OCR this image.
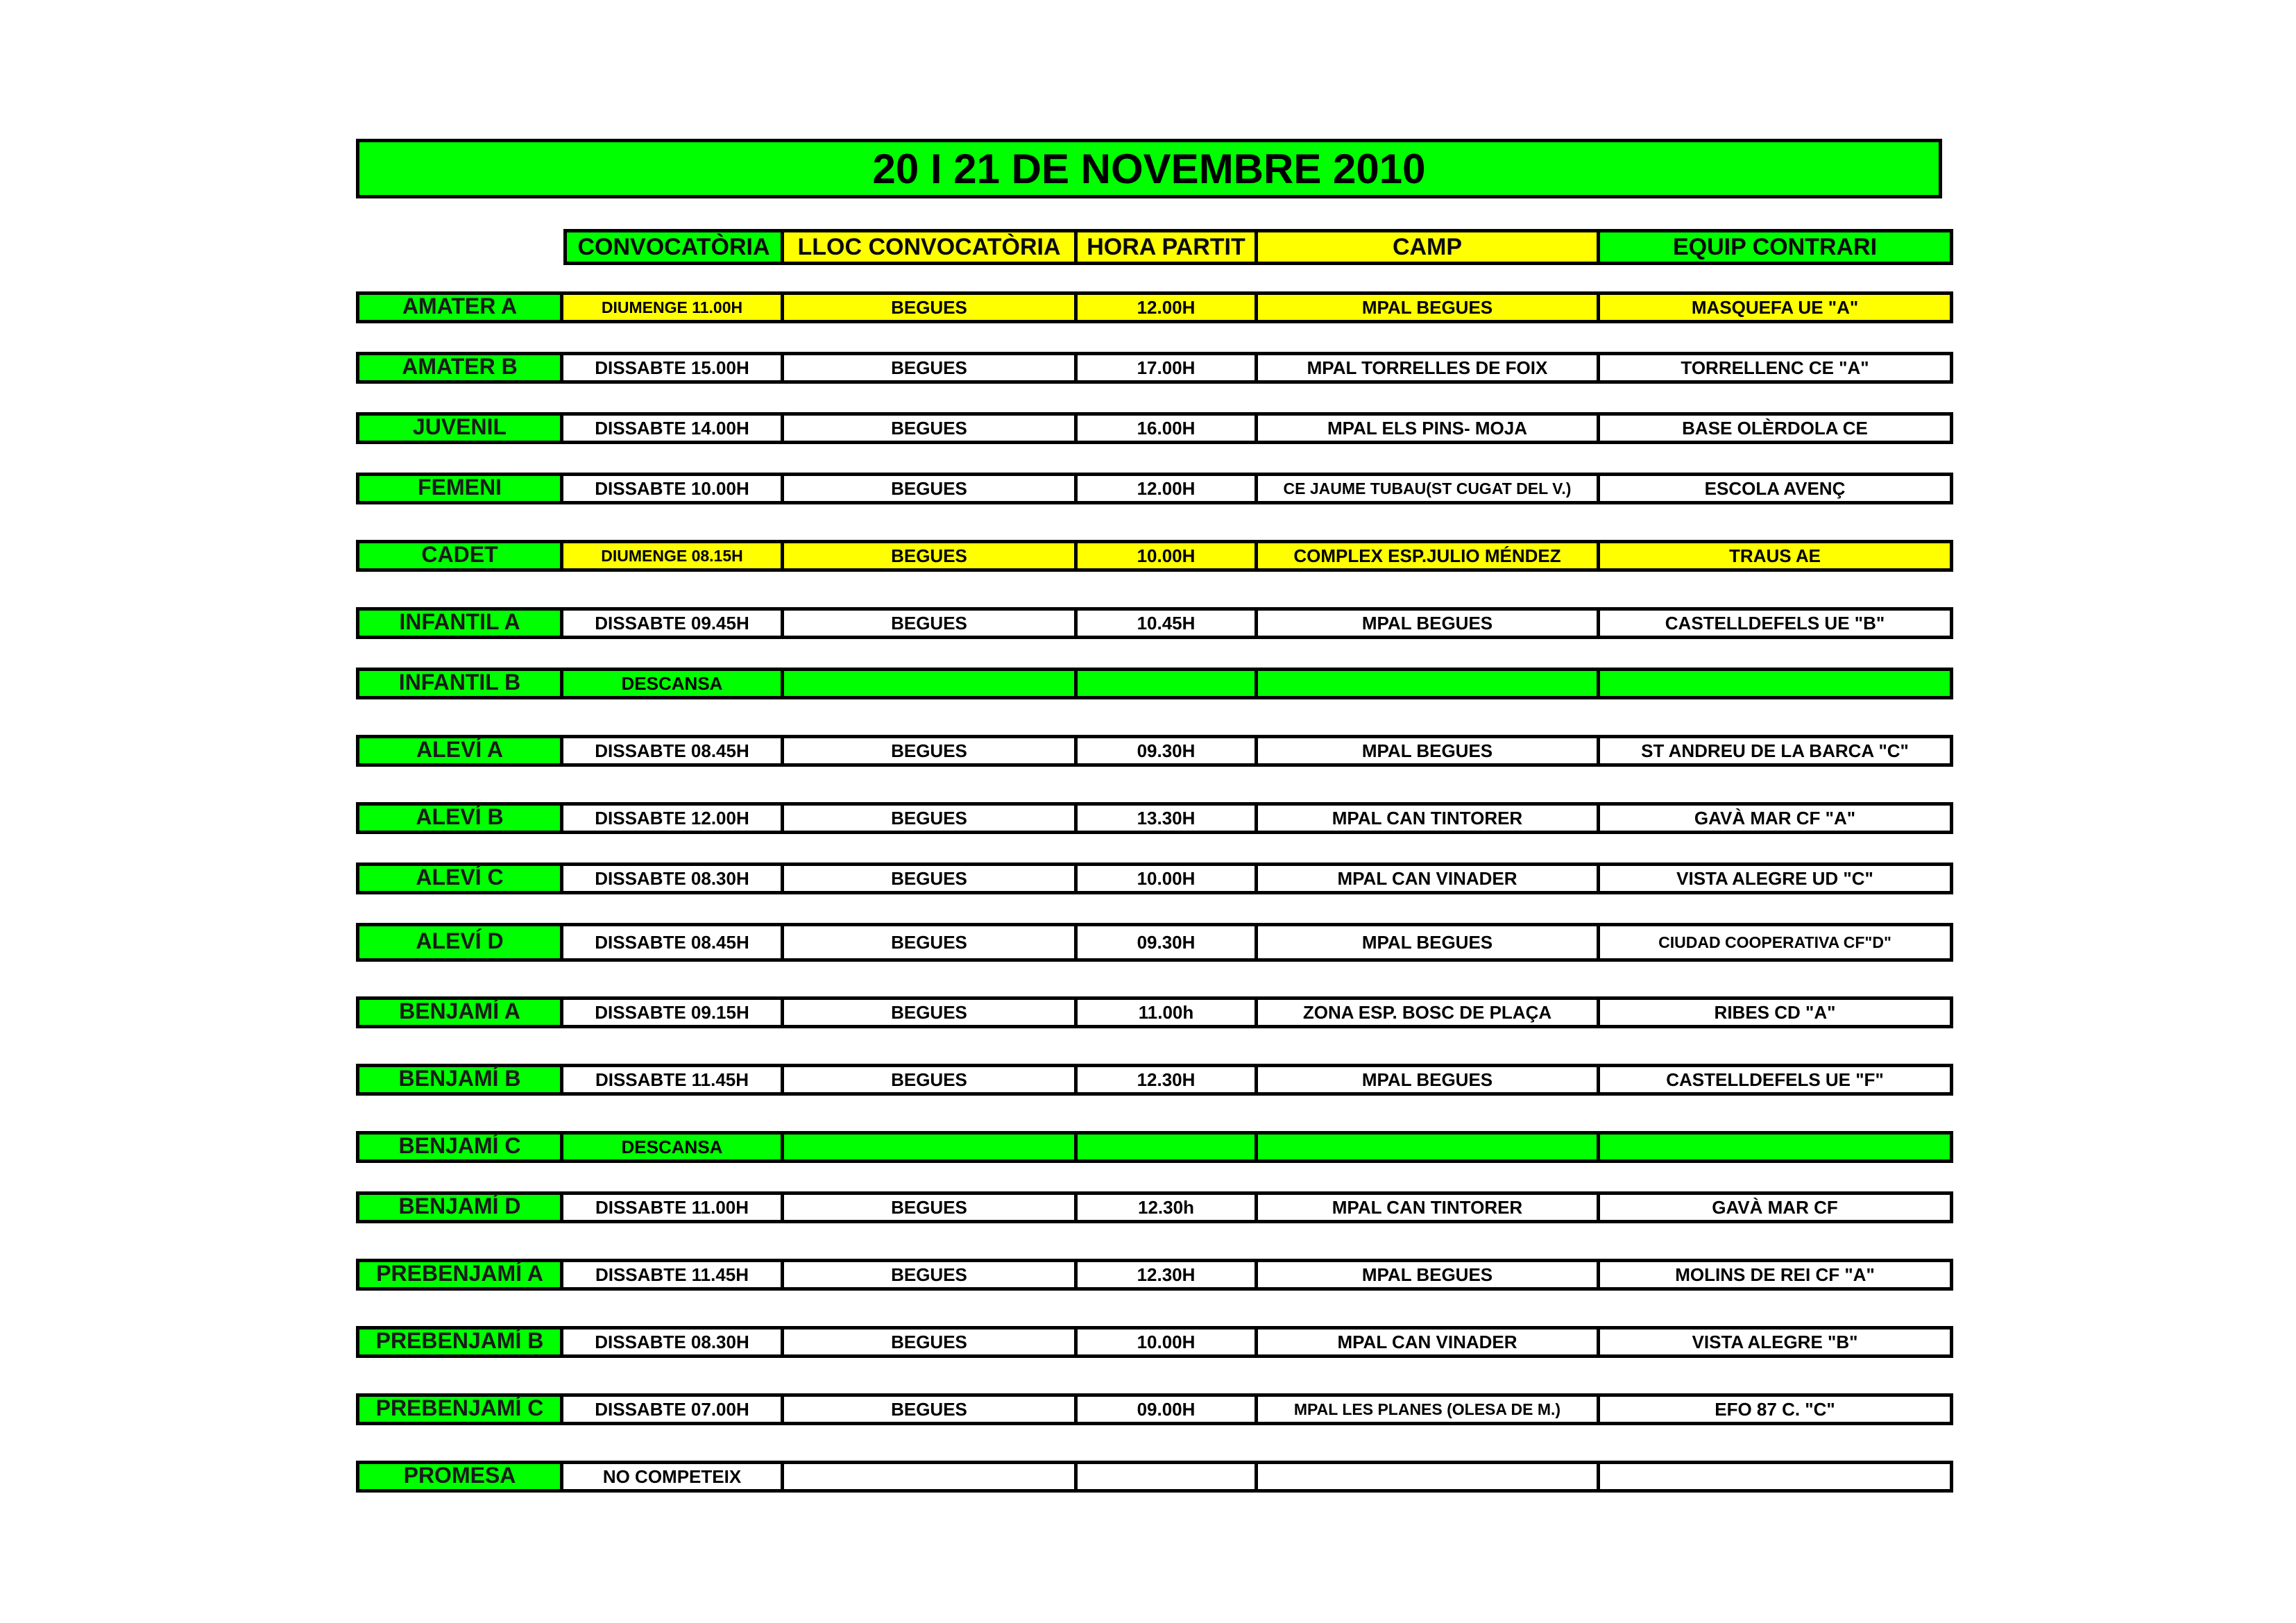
20 I 21 DE NOVEMBRE 2010
CONVOCATÒRIA	LLOC CONVOCATÒRIA	HORA PARTIT	CAMP	EQUIP CONTRARI
AMATER A	DIUMENGE 11.00H	BEGUES	12.00H	MPAL BEGUES	MASQUEFA UE "A"
AMATER B	DISSABTE 15.00H	BEGUES	17.00H	MPAL TORRELLES DE FOIX	TORRELLENC CE "A"
JUVENIL	DISSABTE 14.00H	BEGUES	16.00H	MPAL ELS PINS- MOJA	BASE OLÈRDOLA CE
FEMENI	DISSABTE 10.00H	BEGUES	12.00H	CE JAUME TUBAU(ST CUGAT DEL V.)	ESCOLA AVENÇ
CADET	DIUMENGE 08.15H	BEGUES	10.00H	COMPLEX ESP.JULIO MÉNDEZ	TRAUS AE
INFANTIL A	DISSABTE 09.45H	BEGUES	10.45H	MPAL BEGUES	CASTELLDEFELS UE "B"
INFANTIL B	DESCANSA
ALEVÍ A	DISSABTE 08.45H	BEGUES	09.30H	MPAL BEGUES	ST ANDREU DE LA BARCA "C"
ALEVÍ B	DISSABTE 12.00H	BEGUES	13.30H	MPAL CAN TINTORER	GAVÀ MAR CF "A"
ALEVÍ C	DISSABTE 08.30H	BEGUES	10.00H	MPAL CAN VINADER	VISTA ALEGRE UD "C"
ALEVÍ D	DISSABTE 08.45H	BEGUES	09.30H	MPAL BEGUES	CIUDAD COOPERATIVA CF"D"
BENJAMÍ A	DISSABTE 09.15H	BEGUES	11.00h	ZONA ESP. BOSC DE PLAÇA	RIBES CD "A"
BENJAMÍ B	DISSABTE 11.45H	BEGUES	12.30H	MPAL BEGUES	CASTELLDEFELS UE "F"
BENJAMÍ C	DESCANSA
BENJAMÍ D	DISSABTE 11.00H	BEGUES	12.30h	MPAL CAN TINTORER	GAVÀ MAR CF
PREBENJAMÍ A	DISSABTE 11.45H	BEGUES	12.30H	MPAL BEGUES	MOLINS DE REI CF "A"
PREBENJAMÍ B	DISSABTE 08.30H	BEGUES	10.00H	MPAL CAN VINADER	VISTA ALEGRE "B"
PREBENJAMÍ C	DISSABTE 07.00H	BEGUES	09.00H	MPAL LES PLANES (OLESA DE M.)	EFO 87 C. "C"
PROMESA	NO COMPETEIX
